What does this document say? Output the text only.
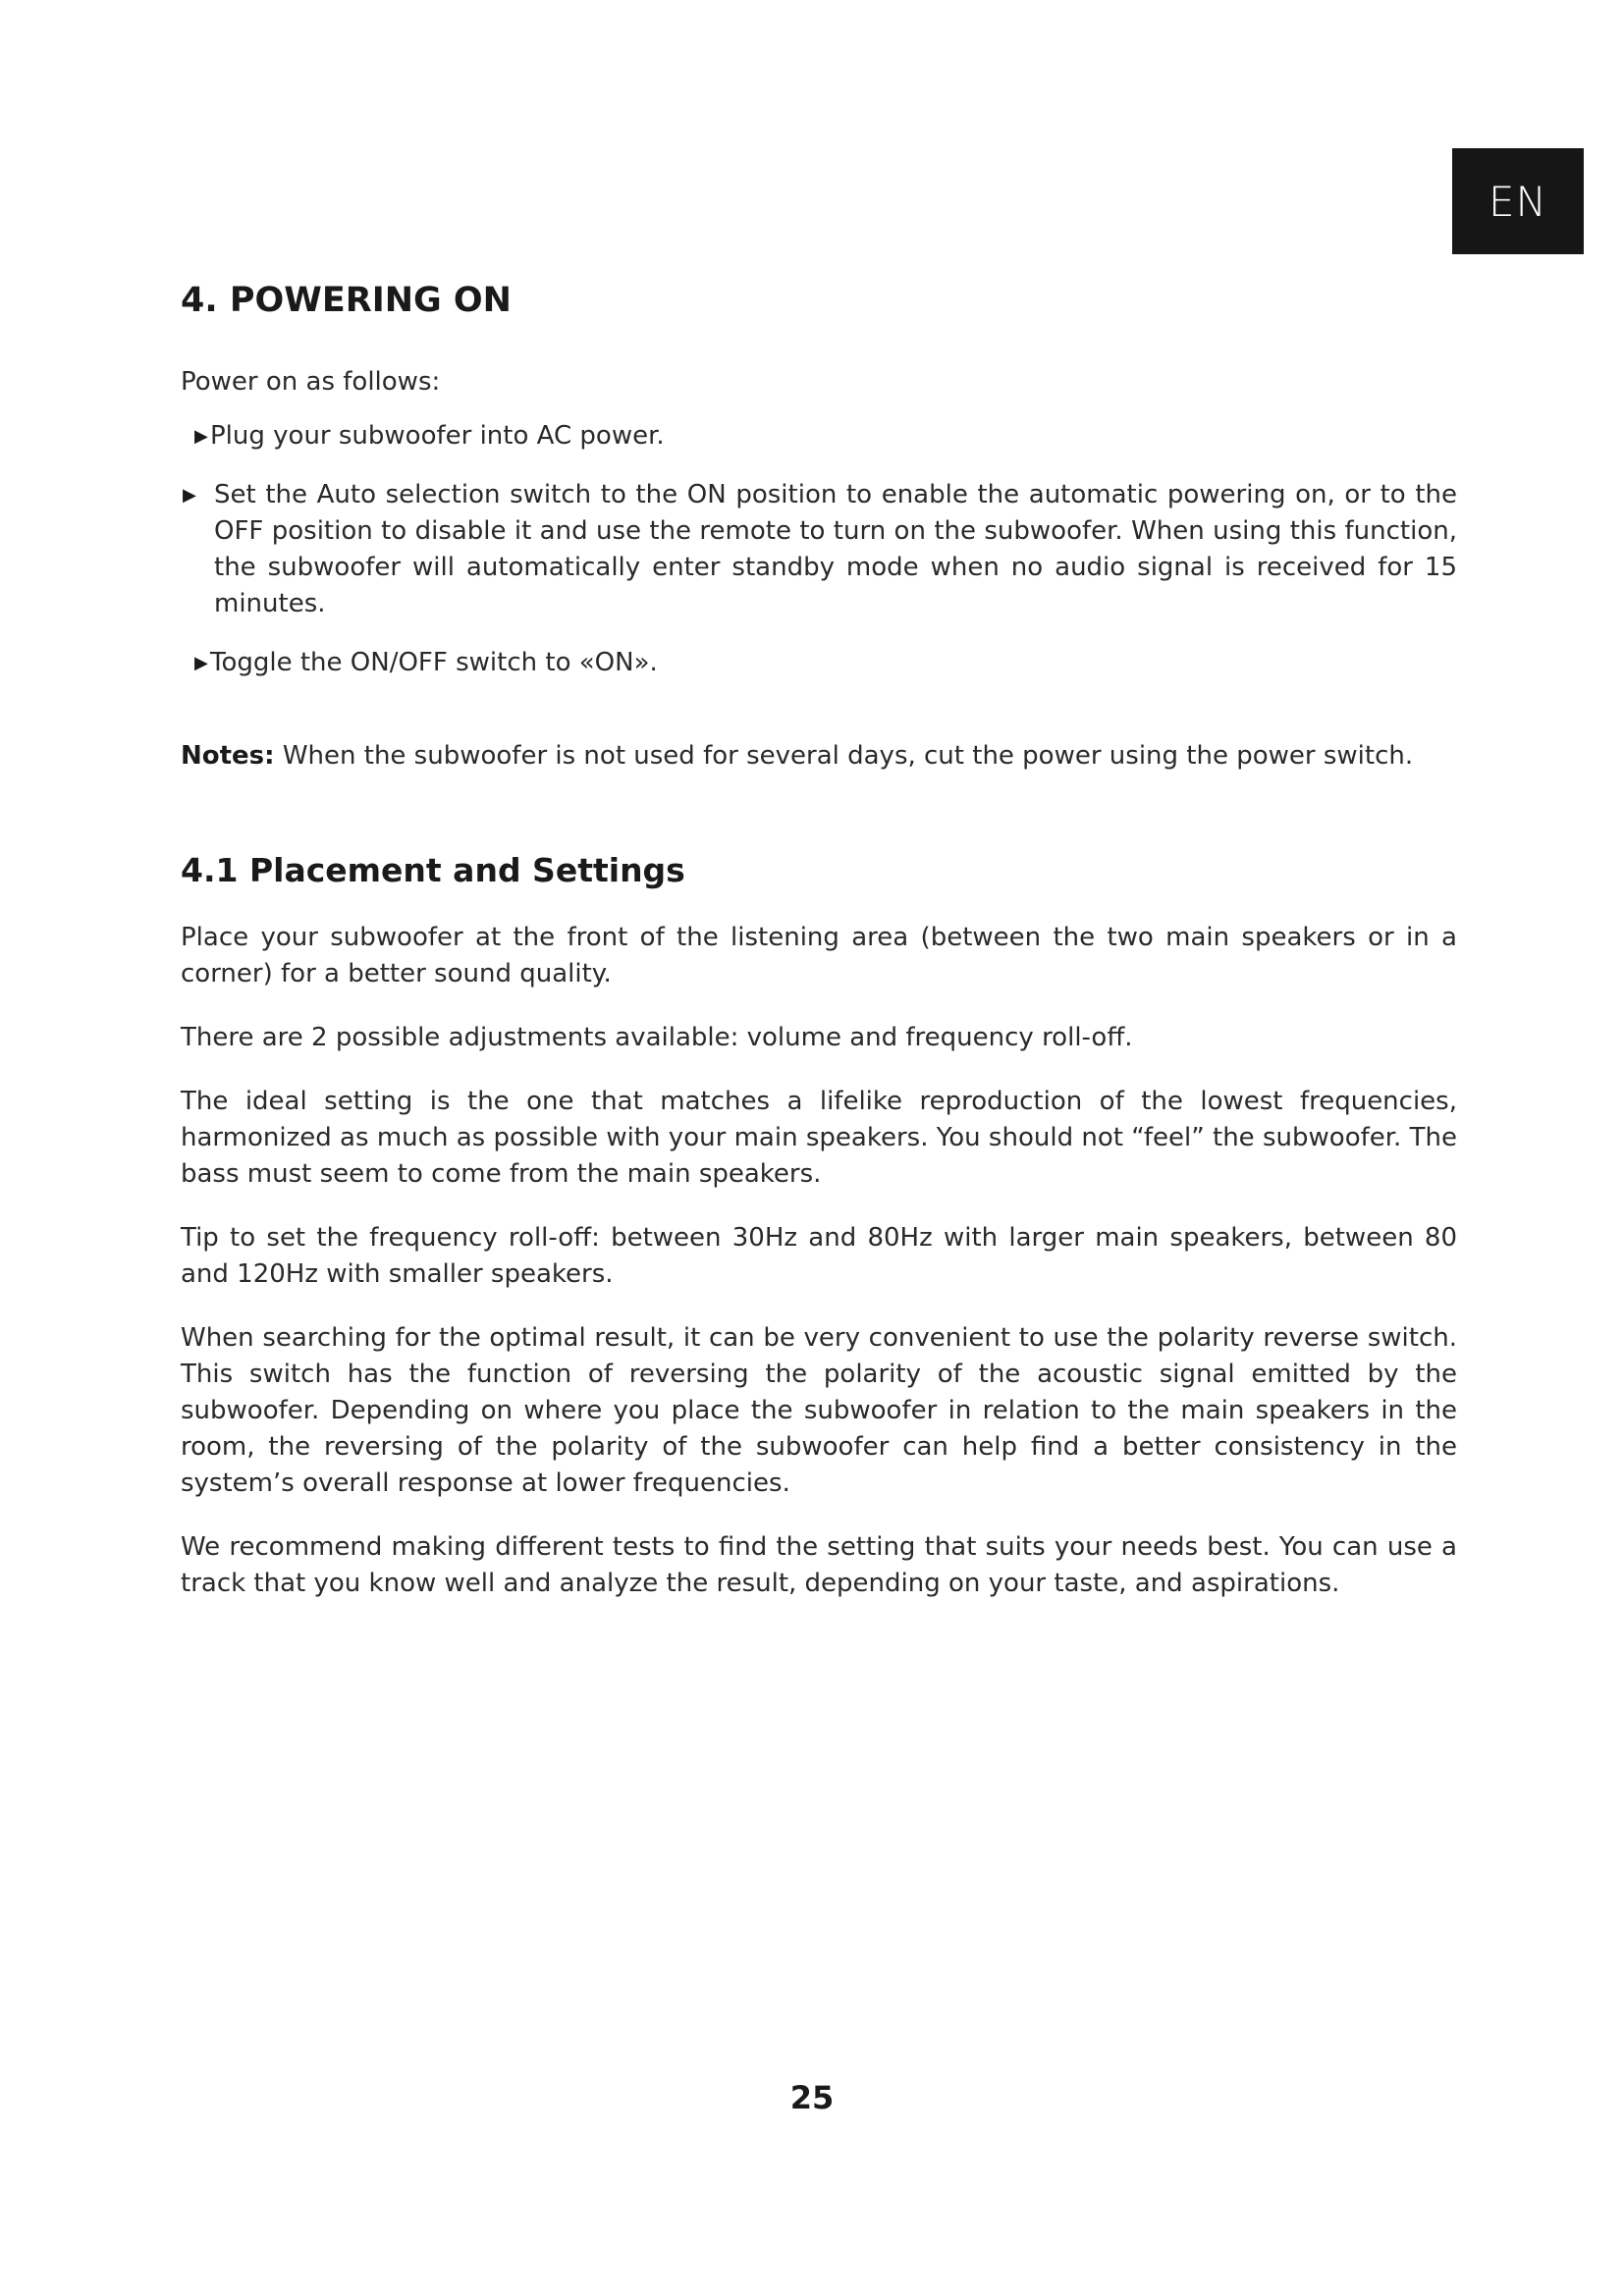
EN
4. POWERING ON

Power on as follows:

▶ Plug your subwoofer into AC power.
▶ Set the Auto selection switch to the ON position to enable the automatic powering on, or to the OFF position to disable it and use the remote to turn on the subwoofer. When using this function, the subwoofer will automatically enter standby mode when no audio signal is received for 15 minutes.
▶ Toggle the ON/OFF switch to «ON».

Notes: When the subwoofer is not used for several days, cut the power using the power switch.

4.1 Placement and Settings

Place your subwoofer at the front of the listening area (between the two main speakers or in a corner) for a better sound quality.

There are 2 possible adjustments available: volume and frequency roll-off.

The ideal setting is the one that matches a lifelike reproduction of the lowest frequencies, harmonized as much as possible with your main speakers. You should not “feel” the subwoofer. The bass must seem to come from the main speakers.

Tip to set the frequency roll-off: between 30Hz and 80Hz with larger main speakers, between 80 and 120Hz with smaller speakers.

When searching for the optimal result, it can be very convenient to use the polarity reverse switch. This switch has the function of reversing the polarity of the acoustic signal emitted by the subwoofer. Depending on where you place the subwoofer in relation to the main speakers in the room, the reversing of the polarity of the subwoofer can help find a better consistency in the system’s overall response at lower frequencies.

We recommend making different tests to find the setting that suits your needs best. You can use a track that you know well and analyze the result, depending on your taste, and aspirations.

25
